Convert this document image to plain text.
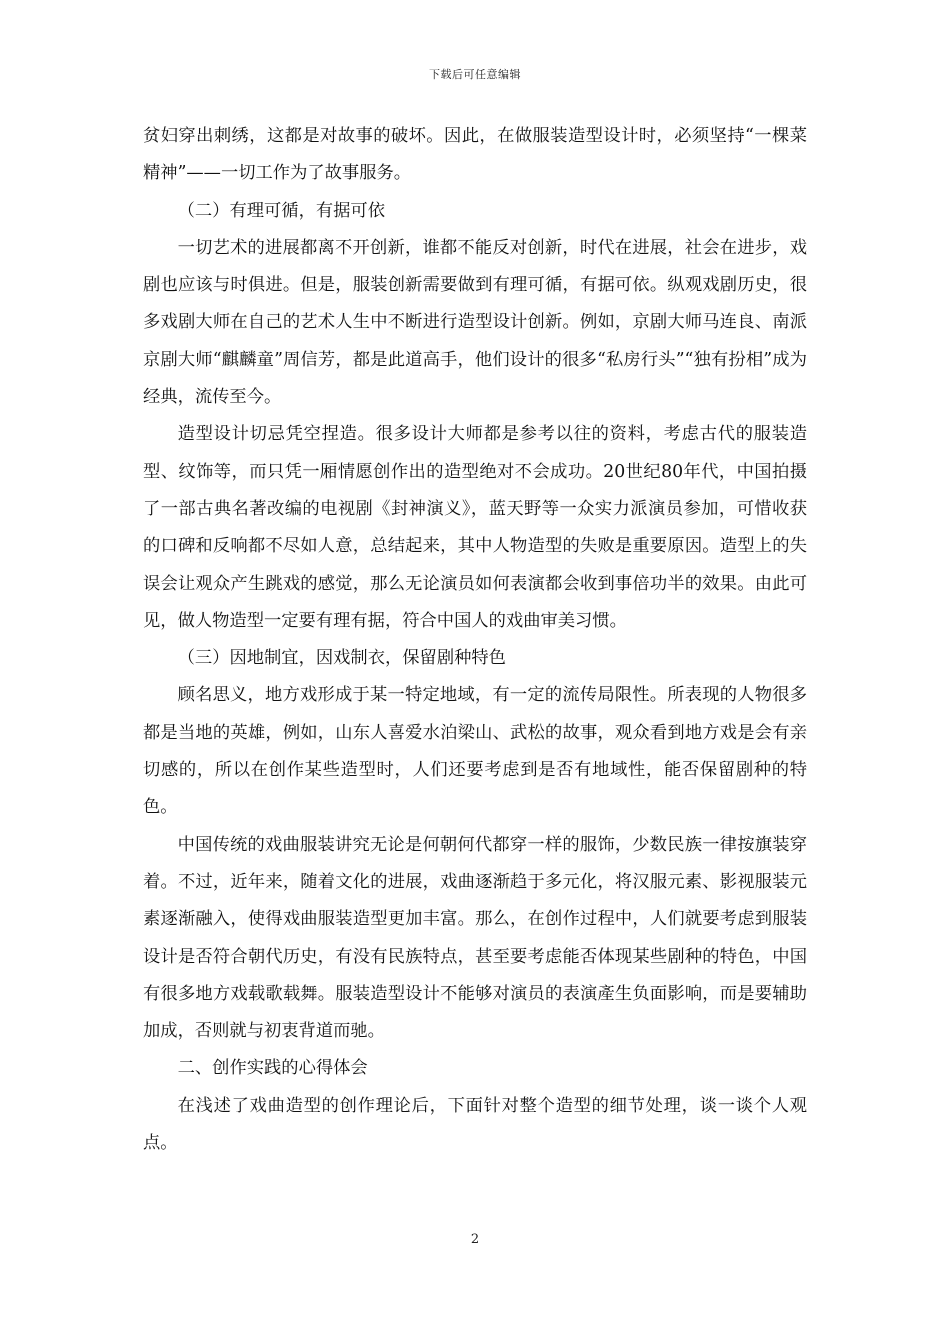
下载后可任意编辑

贫妇穿出刺绣，这都是对故事的破坏。因此，在做服装造型设计时，必须坚持“一棵菜精神”——一切工作为了故事服务。

（二）有理可循，有据可依

一切艺术的进展都离不开创新，谁都不能反对创新，时代在进展，社会在进步，戏剧也应该与时俱进。但是，服装创新需要做到有理可循，有据可依。纵观戏剧历史，很多戏剧大师在自己的艺术人生中不断进行造型设计创新。例如，京剧大师马连良、南派京剧大师“麒麟童”周信芳，都是此道高手，他们设计的很多“私房行头”“独有扮相”成为经典，流传至今。

造型设计切忌凭空捏造。很多设计大师都是参考以往的资料，考虑古代的服装造型、纹饰等，而只凭一厢情愿创作出的造型绝对不会成功。20世纪80年代，中国拍摄了一部古典名著改编的电视剧《封神演义》，蓝天野等一众实力派演员参加，可惜收获的口碑和反响都不尽如人意，总结起来，其中人物造型的失败是重要原因。造型上的失误会让观众产生跳戏的感觉，那么无论演员如何表演都会收到事倍功半的效果。由此可见，做人物造型一定要有理有据，符合中国人的戏曲审美习惯。

（三）因地制宜，因戏制衣，保留剧种特色

顾名思义，地方戏形成于某一特定地域，有一定的流传局限性。所表现的人物很多都是当地的英雄，例如，山东人喜爱水泊梁山、武松的故事，观众看到地方戏是会有亲切感的，所以在创作某些造型时，人们还要考虑到是否有地域性，能否保留剧种的特色。

中国传统的戏曲服装讲究无论是何朝何代都穿一样的服饰，少数民族一律按旗装穿着。不过，近年来，随着文化的进展，戏曲逐渐趋于多元化，将汉服元素、影视服装元素逐渐融入，使得戏曲服装造型更加丰富。那么，在创作过程中，人们就要考虑到服装设计是否符合朝代历史，有没有民族特点，甚至要考虑能否体现某些剧种的特色，中国有很多地方戏载歌载舞。服装造型设计不能够对演员的表演產生负面影响，而是要辅助加成，否则就与初衷背道而驰。

二、创作实践的心得体会

在浅述了戏曲造型的创作理论后，下面针对整个造型的细节处理，谈一谈个人观点。

2
